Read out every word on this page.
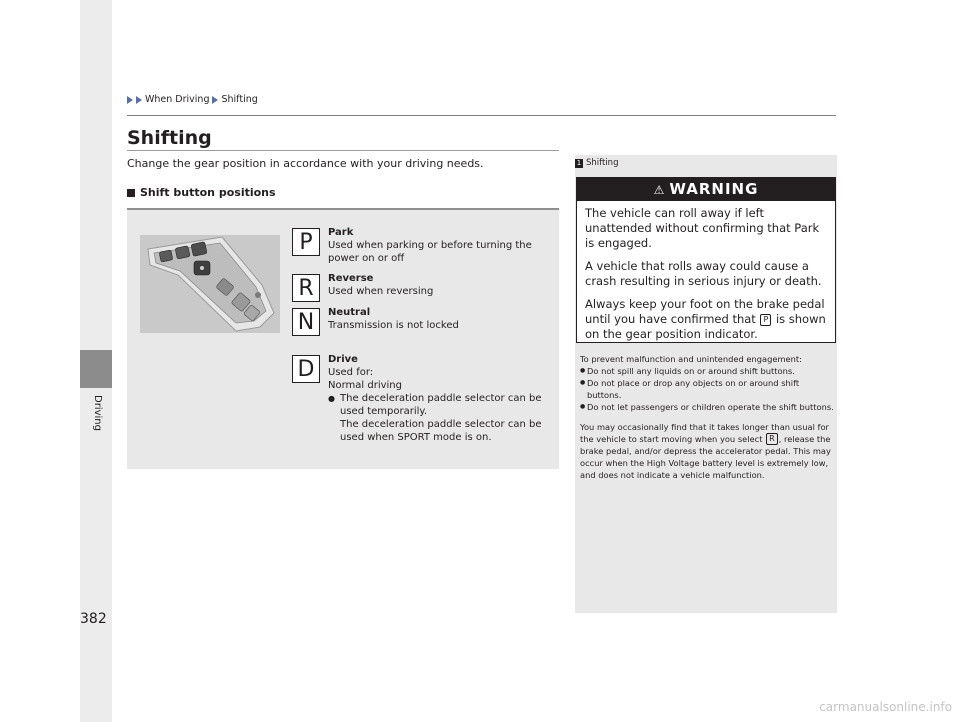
Driving
When Driving Shifting
Shifting

Change the gear position in accordance with your driving needs.

Shift button positions
P	Park
Used when parking or before turning the power on or off
R	Reverse
Used when reversing
N	Neutral
Transmission is not locked
D	Drive
Used for:
Normal driving
● The deceleration paddle selector can be used temporarily.
The deceleration paddle selector can be used when SPORT mode is on.
1 Shifting
⚠ WARNING

The vehicle can roll away if left unattended without confirming that Park is engaged.

A vehicle that rolls away could cause a crash resulting in serious injury or death.

Always keep your foot on the brake pedal until you have confirmed that P is shown on the gear position indicator.

To prevent malfunction and unintended engagement:
● Do not spill any liquids on or around shift buttons.
● Do not place or drop any objects on or around shift buttons.
● Do not let passengers or children operate the shift buttons.
You may occasionally find that it takes longer than usual for the vehicle to start moving when you select R , release the brake pedal, and/or depress the accelerator pedal. This may occur when the High Voltage battery level is extremely low, and does not indicate a vehicle malfunction.
382
carmanualsonline.info
